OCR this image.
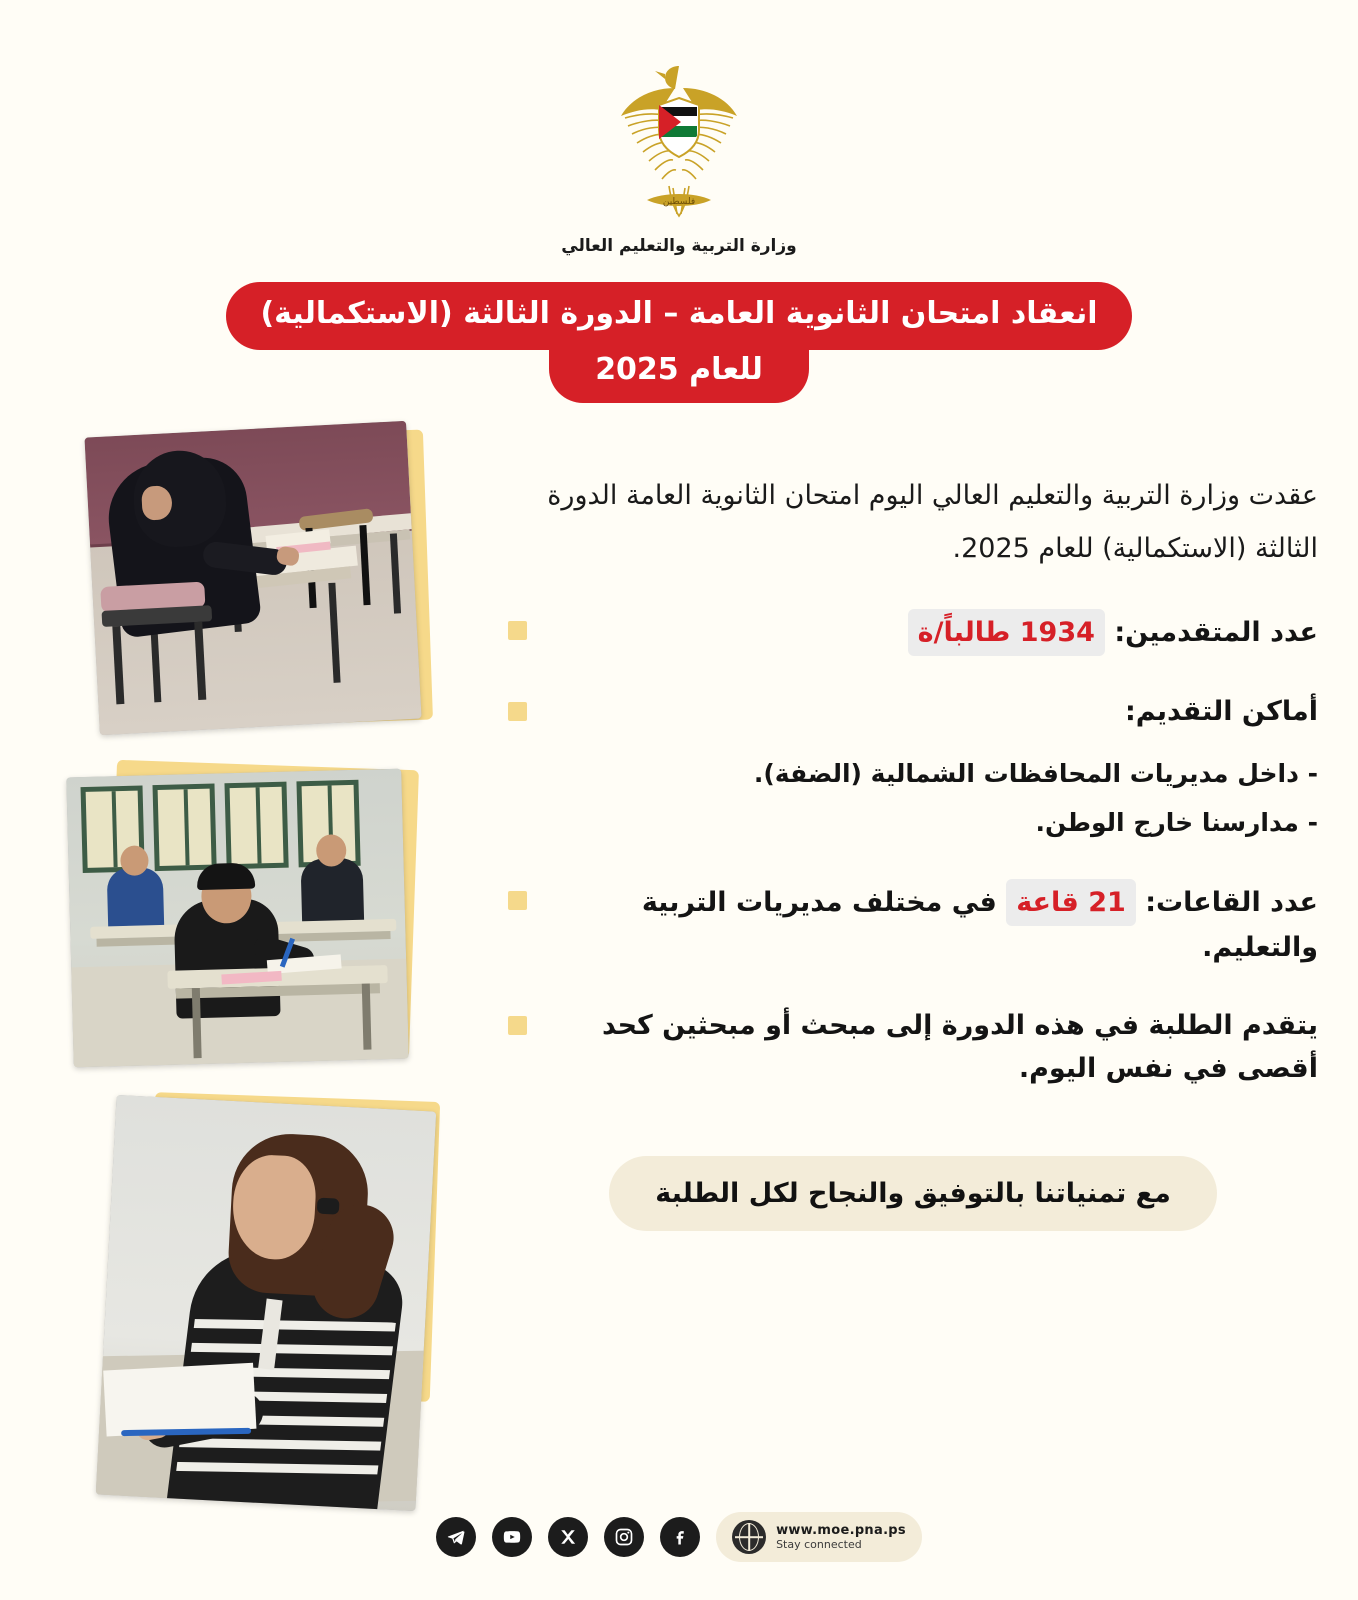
فلسطين
وزارة التربية والتعليم العالي
انعقاد امتحان الثانوية العامة – الدورة الثالثة (الاستكمالية)
للعام 2025

عقدت وزارة التربية والتعليم العالي اليوم امتحان الثانوية العامة الدورة الثالثة (الاستكمالية) للعام 2025.

عدد المتقدمين: 1934 طالباً/ة
أماكن التقديم:
- داخل مديريات المحافظات الشمالية (الضفة).
- مدارسنا خارج الوطن.
عدد القاعات: 21 قاعة في مختلف مديريات التربية والتعليم.
يتقدم الطلبة في هذه الدورة إلى مبحث أو مبحثين كحد أقصى في نفس اليوم.
مع تمنياتنا بالتوفيق والنجاح لكل الطلبة
www.moe.pna.ps
Stay connected
